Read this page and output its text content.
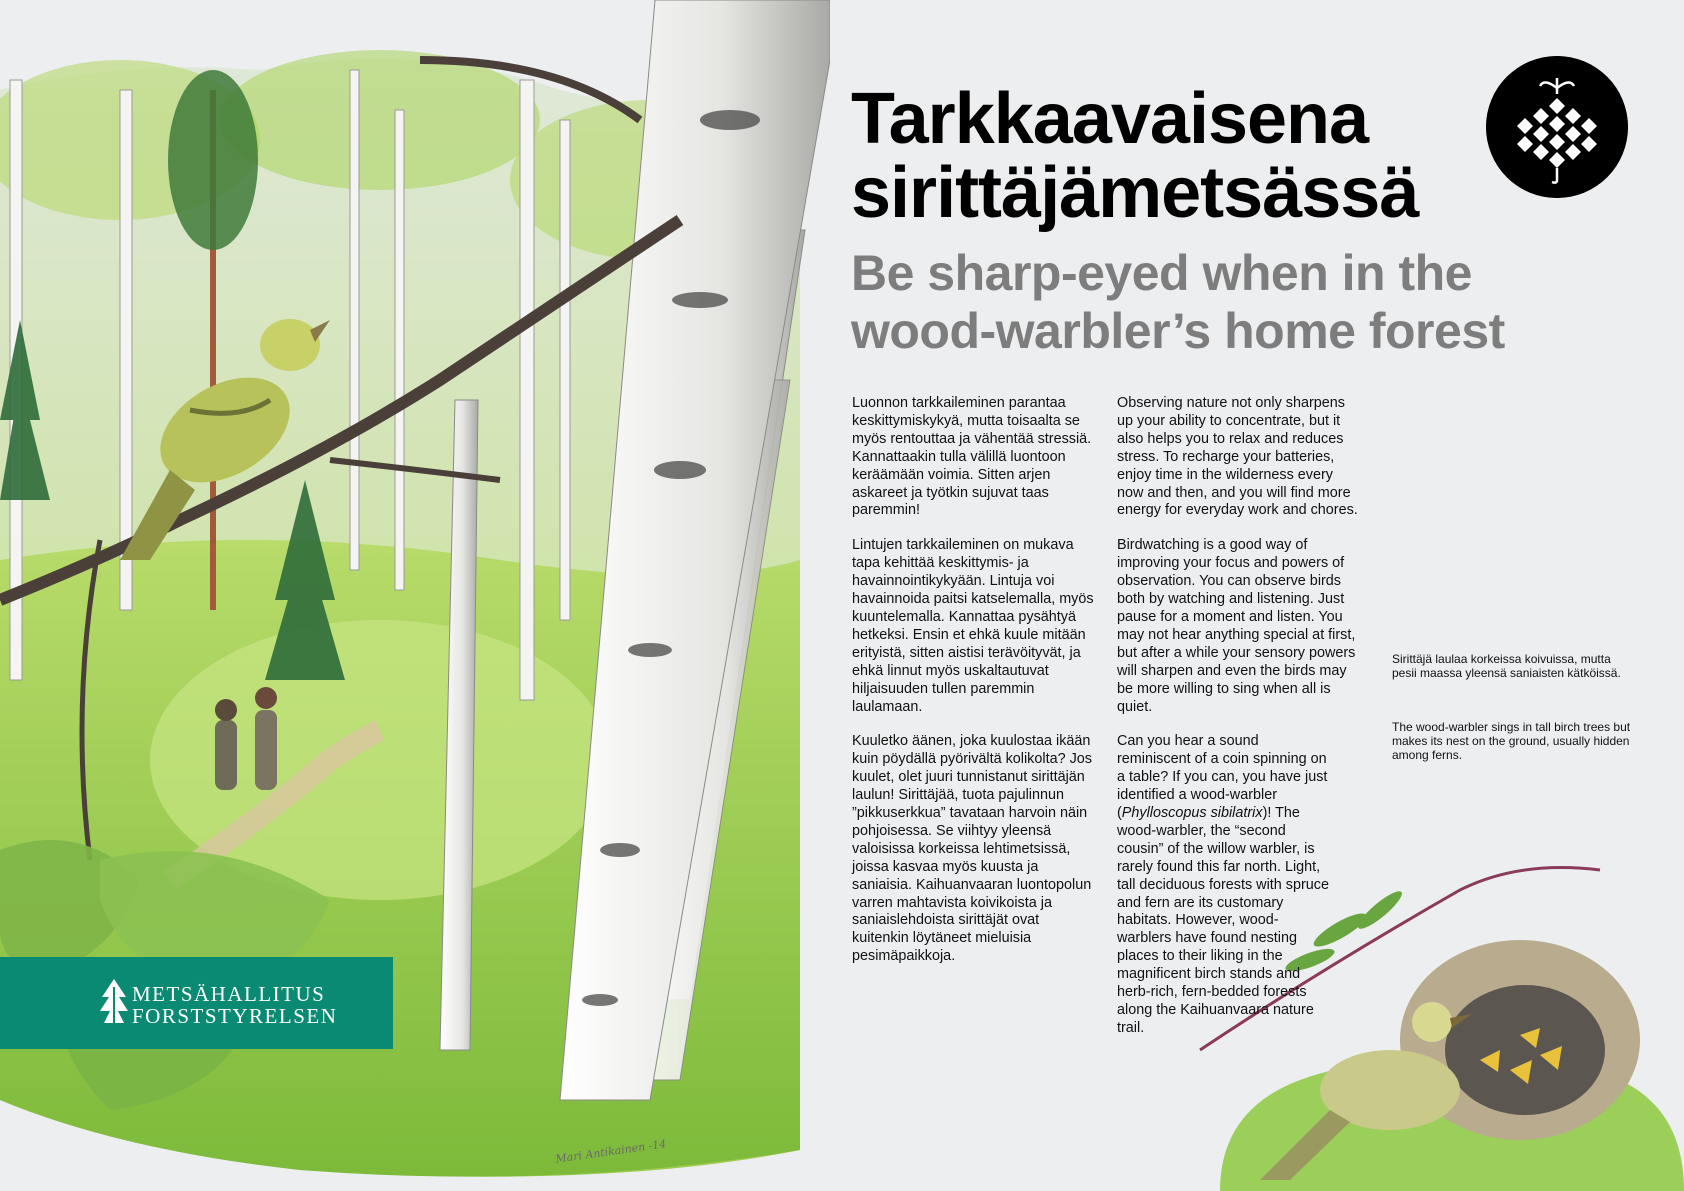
Tarkkaavaisena sirittäjämetsässä
Be sharp-eyed when in the wood-warbler’s home forest

Luonnon tarkkaileminen parantaa keskittymiskykyä, mutta toisaalta se myös rentouttaa ja vähentää stressiä. Kannattaakin tulla välillä luontoon keräämään voimia. Sitten arjen askareet ja työtkin sujuvat taas paremmin!

Lintujen tarkkaileminen on mukava tapa kehittää keskittymis- ja havainnointikykyään. Lintuja voi havainnoida paitsi katselemalla, myös kuuntelemalla. Kannattaa pysähtyä hetkeksi. Ensin et ehkä kuule mitään erityistä, sitten aistisi terävöityvät, ja ehkä linnut myös uskaltautuvat hiljaisuuden tullen paremmin laulamaan.

Kuuletko äänen, joka kuulostaa ikään kuin pöydällä pyörivältä kolikolta? Jos kuulet, olet juuri tunnistanut sirittäjän laulun! Sirittäjää, tuota pajulinnun ”pikkuserkkua” tavataan harvoin näin pohjoisessa. Se viihtyy yleensä valoisissa korkeissa lehtimetsissä, joissa kasvaa myös kuusta ja saniaisia. Kaihuanvaaran luontopolun varren mahtavista koivikoista ja saniaislehdoista sirittäjät ovat kuitenkin löytäneet mieluisia pesimäpaikkoja.

Observing nature not only sharpens up your ability to concentrate, but it also helps you to relax and reduces stress. To recharge your batteries, enjoy time in the wilderness every now and then, and you will find more energy for everyday work and chores.

Birdwatching is a good way of improving your focus and powers of observation. You can observe birds both by watching and listening. Just pause for a moment and listen. You may not hear anything special at first, but after a while your sensory powers will sharpen and even the birds may be more willing to sing when all is quiet.

Can you hear a sound reminiscent of a coin spinning on a table? If you can, you have just identified a wood-warbler (Phylloscopus sibilatrix)! The wood-warbler, the “second cousin” of the willow warbler, is rarely found this far north. Light, tall deciduous forests with spruce and fern are its customary habitats. However, wood-warblers have found nesting places to their liking in the magnificent birch stands and herb-rich, fern-bedded forests along the Kaihuanvaara nature trail.

Sirittäjä laulaa korkeissa koivuissa, mutta pesii maassa yleensä saniaisten kätköissä.
The wood-warbler sings in tall birch trees but makes its nest on the ground, usually hidden among ferns.
METSÄHALLITUS
FORSTSTYRELSEN
Mari Antikainen -14
